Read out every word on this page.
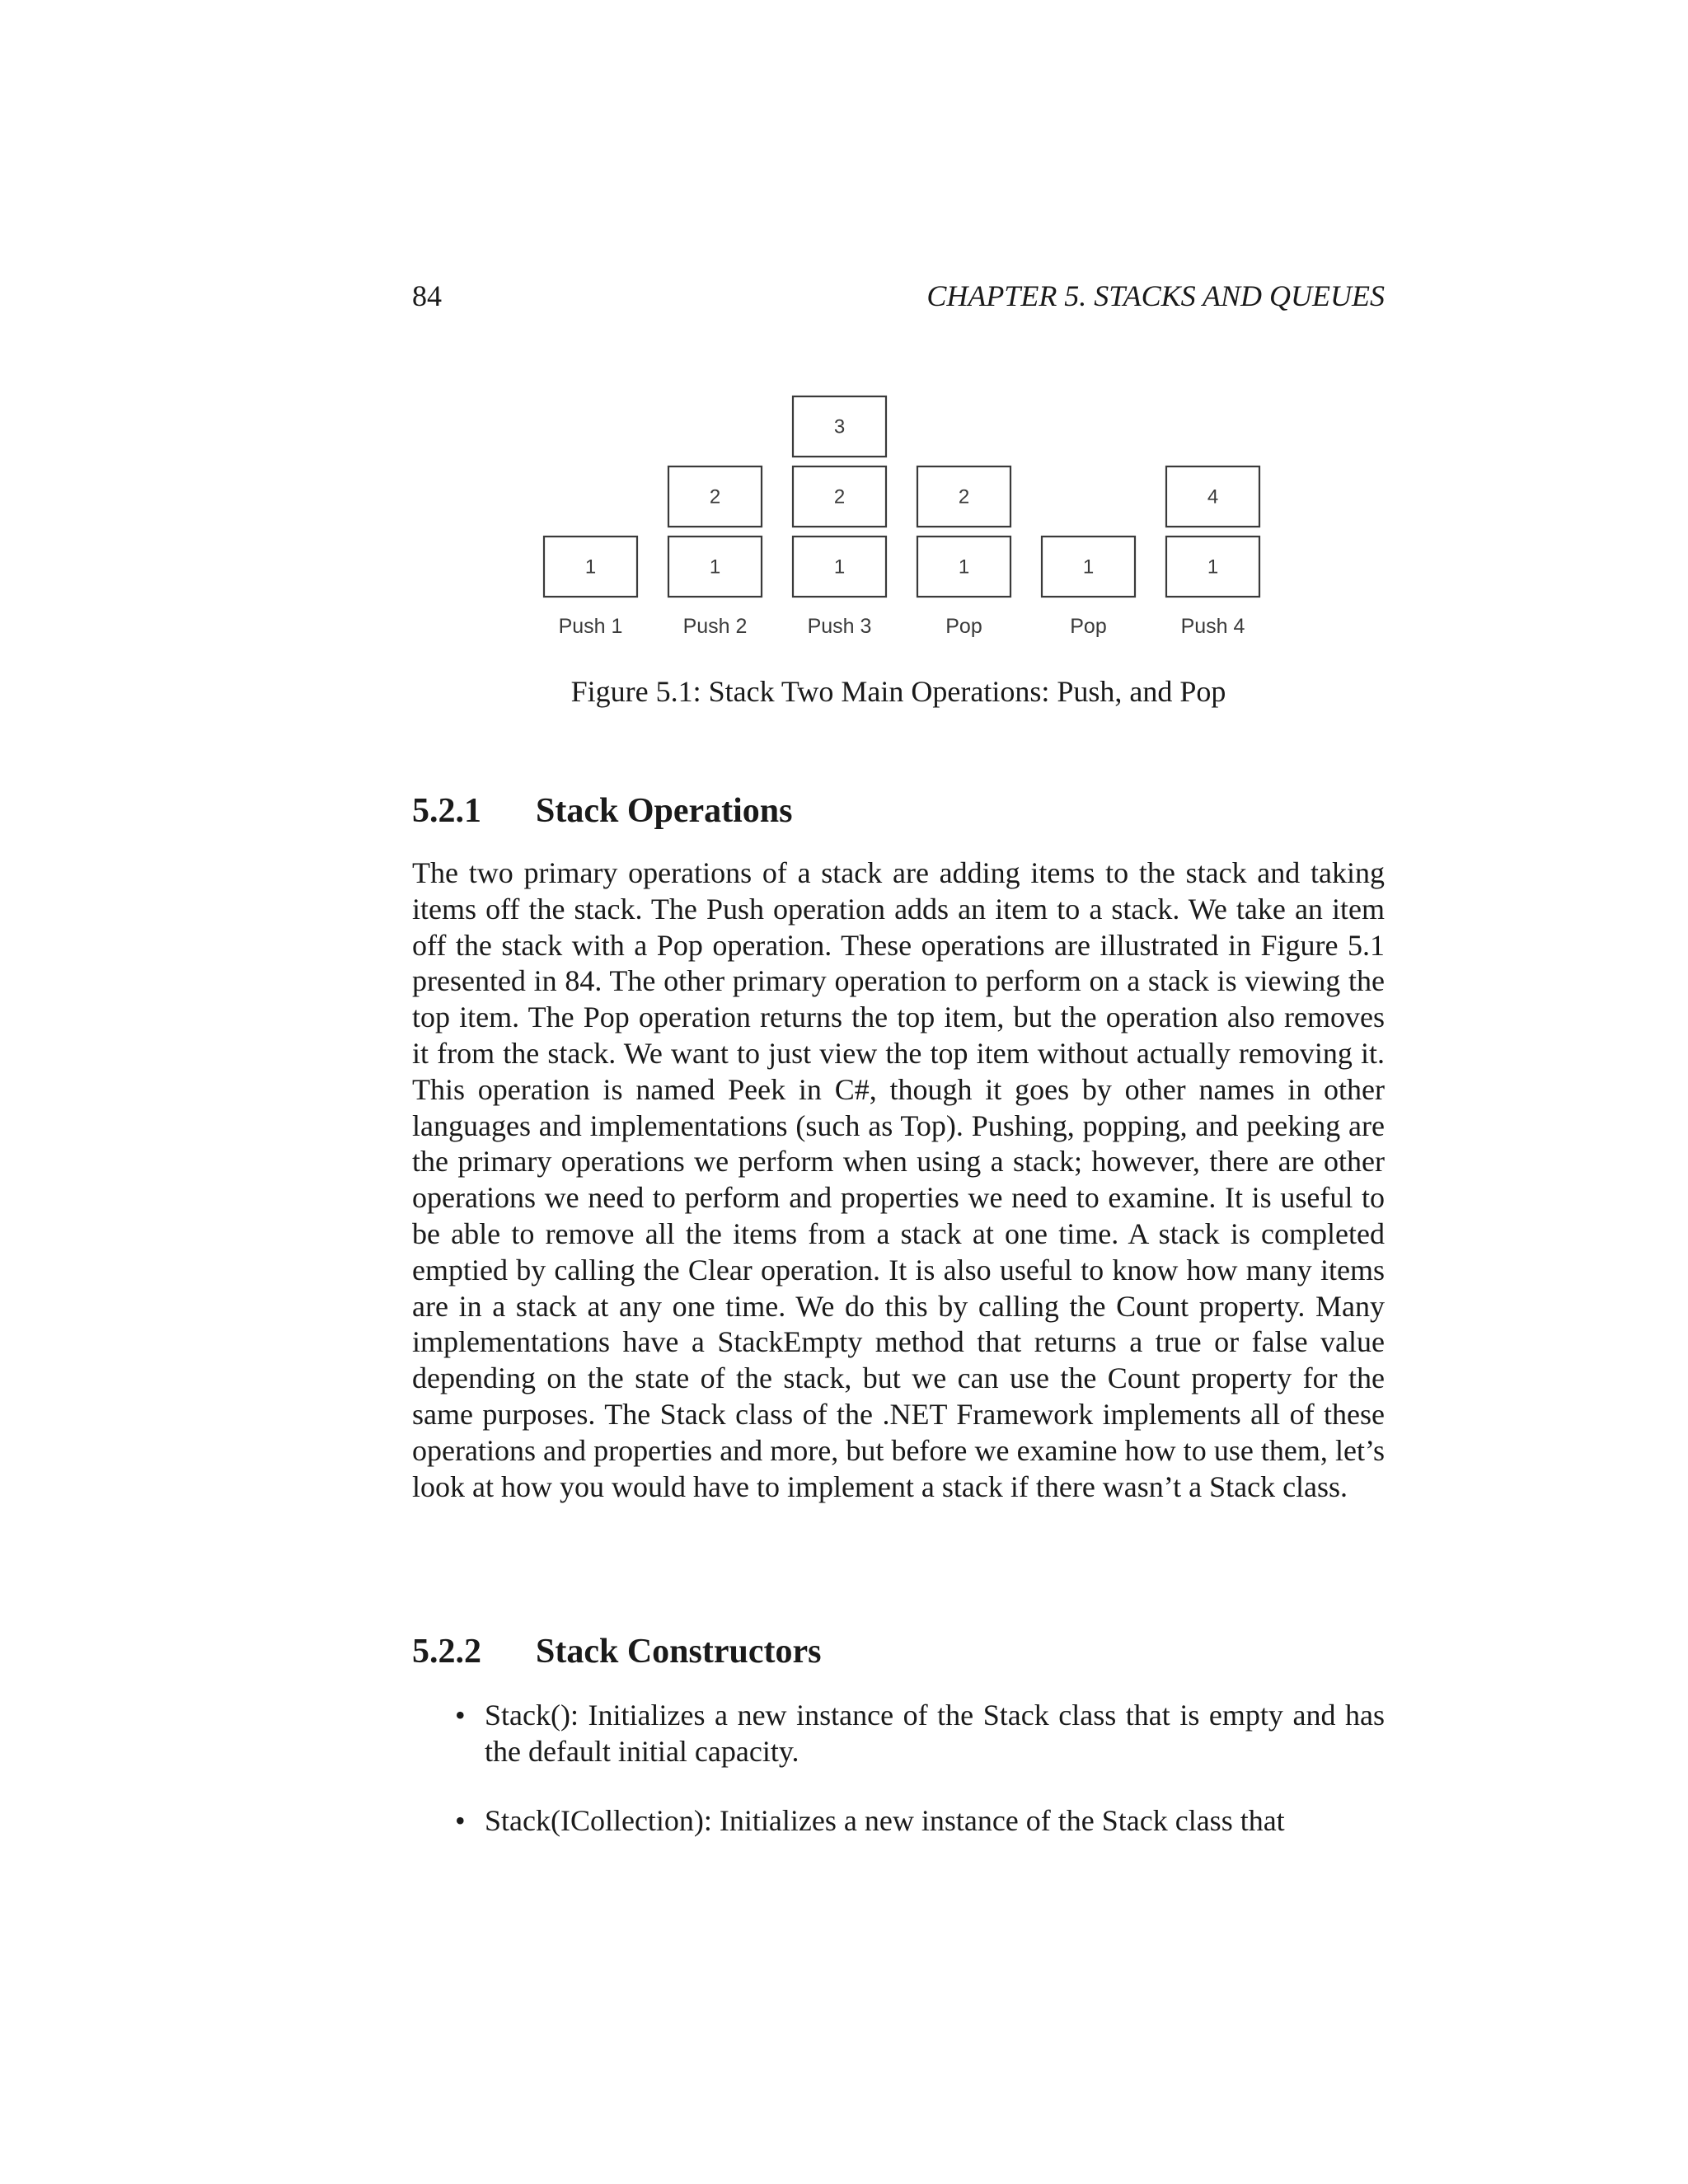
84	CHAPTER 5. STACKS AND QUEUES
1
Push 1
1
2
Push 2
1
2
3
Push 3
1
2
Pop
1
Pop
1
4
Push 4
Figure 5.1: Stack Two Main Operations: Push, and Pop
5.2.1 Stack Operations

The two primary operations of a stack are adding items to the stack and taking items off the stack. The Push operation adds an item to a stack. We take an item off the stack with a Pop operation. These operations are illustrated in Figure 5.1 presented in 84. The other primary operation to perform on a stack is viewing the top item. The Pop operation returns the top item, but the operation also removes it from the stack. We want to just view the top item without actually removing it. This operation is named Peek in C#, though it goes by other names in other languages and implementations (such as Top). Pushing, popping, and peeking are the primary operations we perform when using a stack; however, there are other operations we need to perform and properties we need to examine. It is useful to be able to remove all the items from a stack at one time. A stack is completed emptied by calling the Clear operation. It is also useful to know how many items are in a stack at any one time. We do this by calling the Count property. Many implementations have a StackEmpty method that returns a true or false value depending on the state of the stack, but we can use the Count property for the same purposes. The Stack class of the .NET Framework implements all of these operations and properties and more, but before we examine how to use them, let’s look at how you would have to implement a stack if there wasn’t a Stack class.

5.2.2 Stack Constructors
• Stack(): Initializes a new instance of the Stack class that is empty and has the default initial capacity.
• Stack(ICollection): Initializes a new instance of the Stack class that
